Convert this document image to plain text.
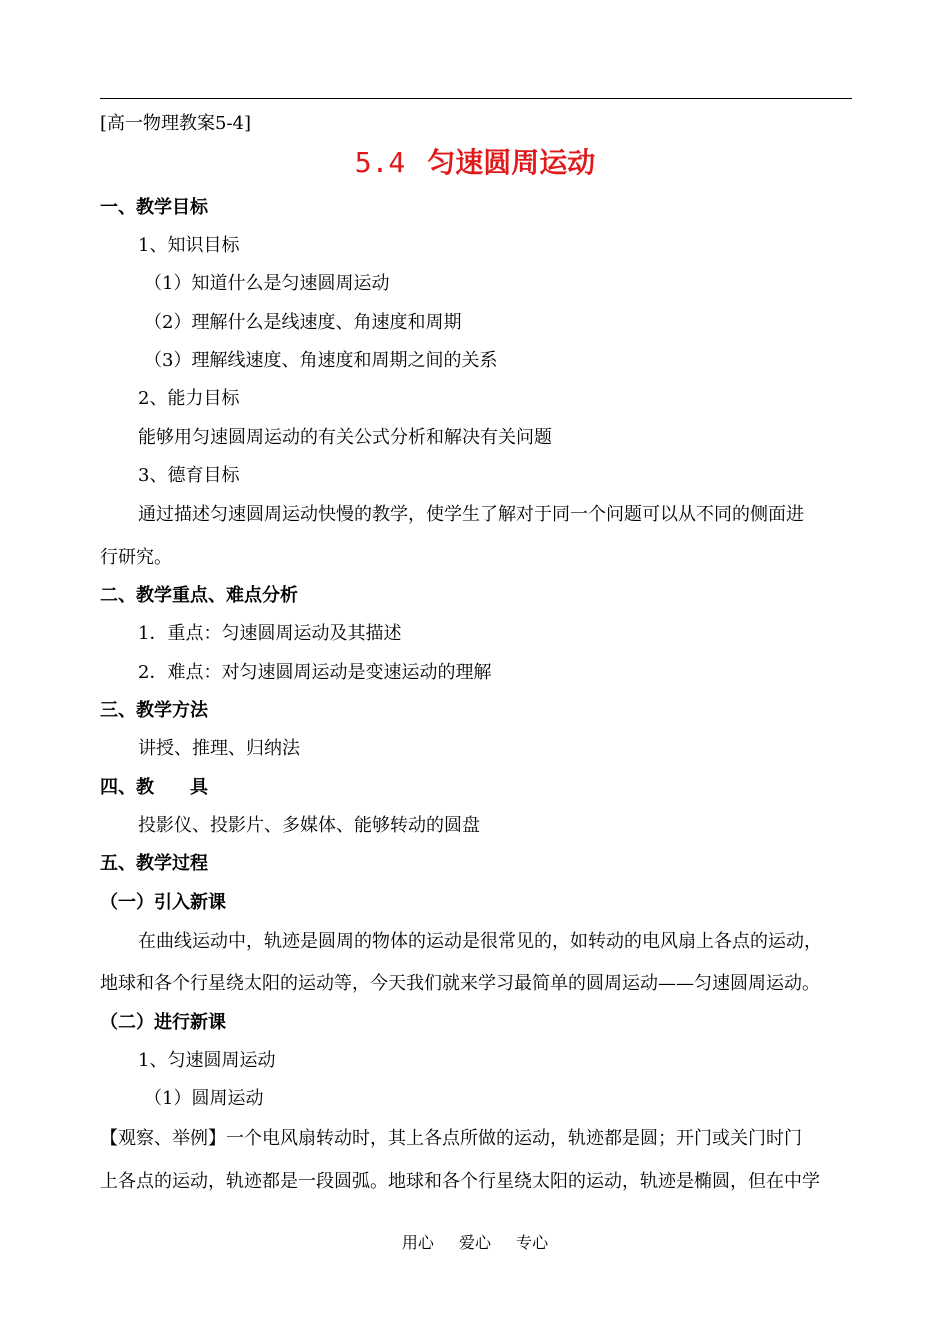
[高一物理教案5-4]
5.4 匀速圆周运动
一、教学目标
1、知识目标
（1）知道什么是匀速圆周运动
（2）理解什么是线速度、角速度和周期
（3）理解线速度、角速度和周期之间的关系
2、能力目标
能够用匀速圆周运动的有关公式分析和解决有关问题
3、德育目标
通过描述匀速圆周运动快慢的教学，使学生了解对于同一个问题可以从不同的侧面进
行研究。
二、教学重点、难点分析
1．重点：匀速圆周运动及其描述
2．难点：对匀速圆周运动是变速运动的理解
三、教学方法
讲授、推理、归纳法
四、教　　具
投影仪、投影片、多媒体、能够转动的圆盘
五、教学过程
（一）引入新课
在曲线运动中，轨迹是圆周的物体的运动是很常见的，如转动的电风扇上各点的运动，
地球和各个行星绕太阳的运动等，今天我们就来学习最简单的圆周运动——匀速圆周运动。
（二）进行新课
1、匀速圆周运动
（1）圆周运动
【观察、举例】一个电风扇转动时，其上各点所做的运动，轨迹都是圆；开门或关门时门
上各点的运动，轨迹都是一段圆弧。地球和各个行星绕太阳的运动，轨迹是椭圆，但在中学
用心 爱心 专心
